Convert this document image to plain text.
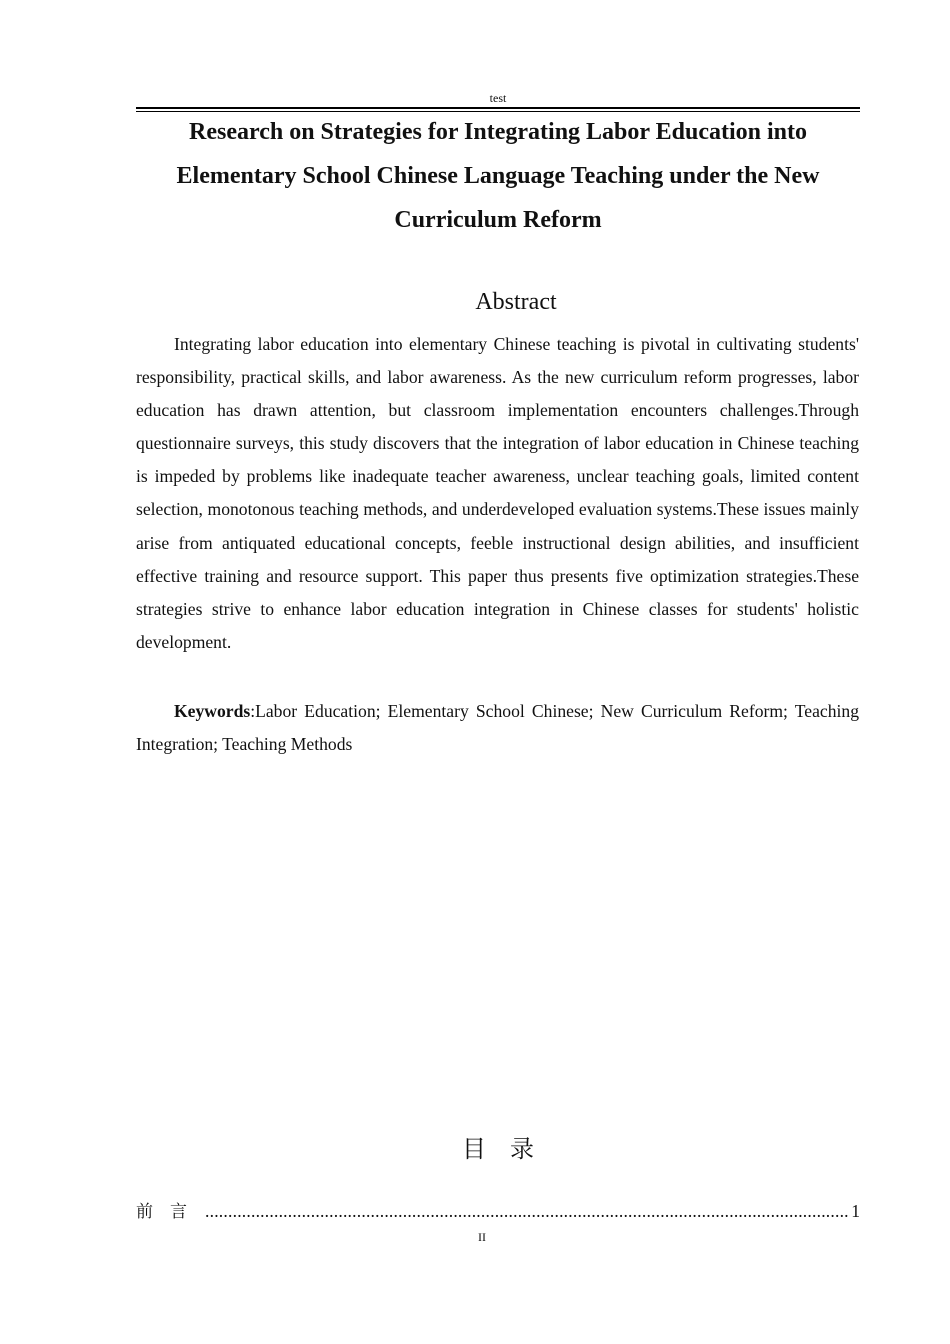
test
Research on Strategies for Integrating Labor Education into Elementary School Chinese Language Teaching under the New Curriculum Reform
Abstract

Integrating labor education into elementary Chinese teaching is pivotal in cultivating students' responsibility, practical skills, and labor awareness. As the new curriculum reform progresses, labor education has drawn attention, but classroom implementation encounters challenges.Through questionnaire surveys, this study discovers that the integration of labor education in Chinese teaching is impeded by problems like inadequate teacher awareness, unclear teaching goals, limited content selection, monotonous teaching methods, and underdeveloped evaluation systems.These issues mainly arise from antiquated educational concepts, feeble instructional design abilities, and insufficient effective training and resource support. This paper thus presents five optimization strategies.These strategies strive to enhance labor education integration in Chinese classes for students' holistic development.

Keywords:Labor Education; Elementary School Chinese; New Curriculum Reform; Teaching Integration; Teaching Methods

目录
前言
.....	1
II
